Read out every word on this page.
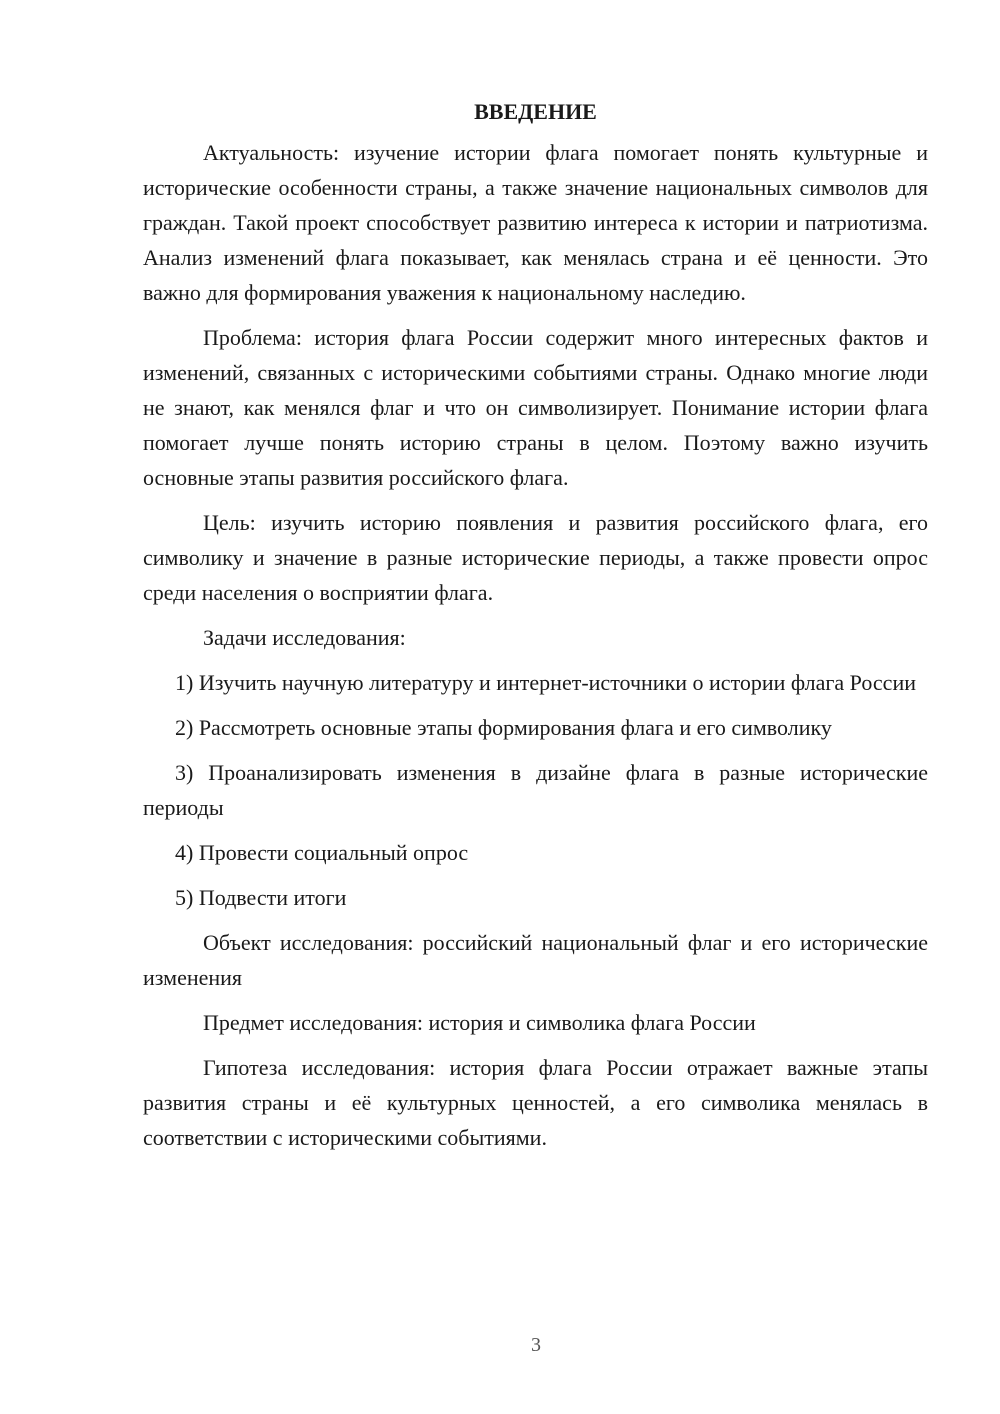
ВВЕДЕНИЕ

Актуальность: изучение истории флага помогает понять культурные и исторические особенности страны, а также значение национальных символов для граждан. Такой проект способствует развитию интереса к истории и патриотизма. Анализ изменений флага показывает, как менялась страна и её ценности. Это важно для формирования уважения к национальному наследию.

Проблема: история флага России содержит много интересных фактов и изменений, связанных с историческими событиями страны. Однако многие люди не знают, как менялся флаг и что он символизирует. Понимание истории флага помогает лучше понять историю страны в целом. Поэтому важно изучить основные этапы развития российского флага.

Цель: изучить историю появления и развития российского флага, его символику и значение в разные исторические периоды, а также провести опрос среди населения о восприятии флага.

Задачи исследования:

1) Изучить научную литературу и интернет-источники о истории флага России

2) Рассмотреть основные этапы формирования флага и его символику

3) Проанализировать изменения в дизайне флага в разные исторические периоды

4) Провести социальный опрос

5) Подвести итоги

Объект исследования: российский национальный флаг и его исторические изменения

Предмет исследования: история и символика флага России

Гипотеза исследования: история флага России отражает важные этапы развития страны и её культурных ценностей, а его символика менялась в соответствии с историческими событиями.

3
